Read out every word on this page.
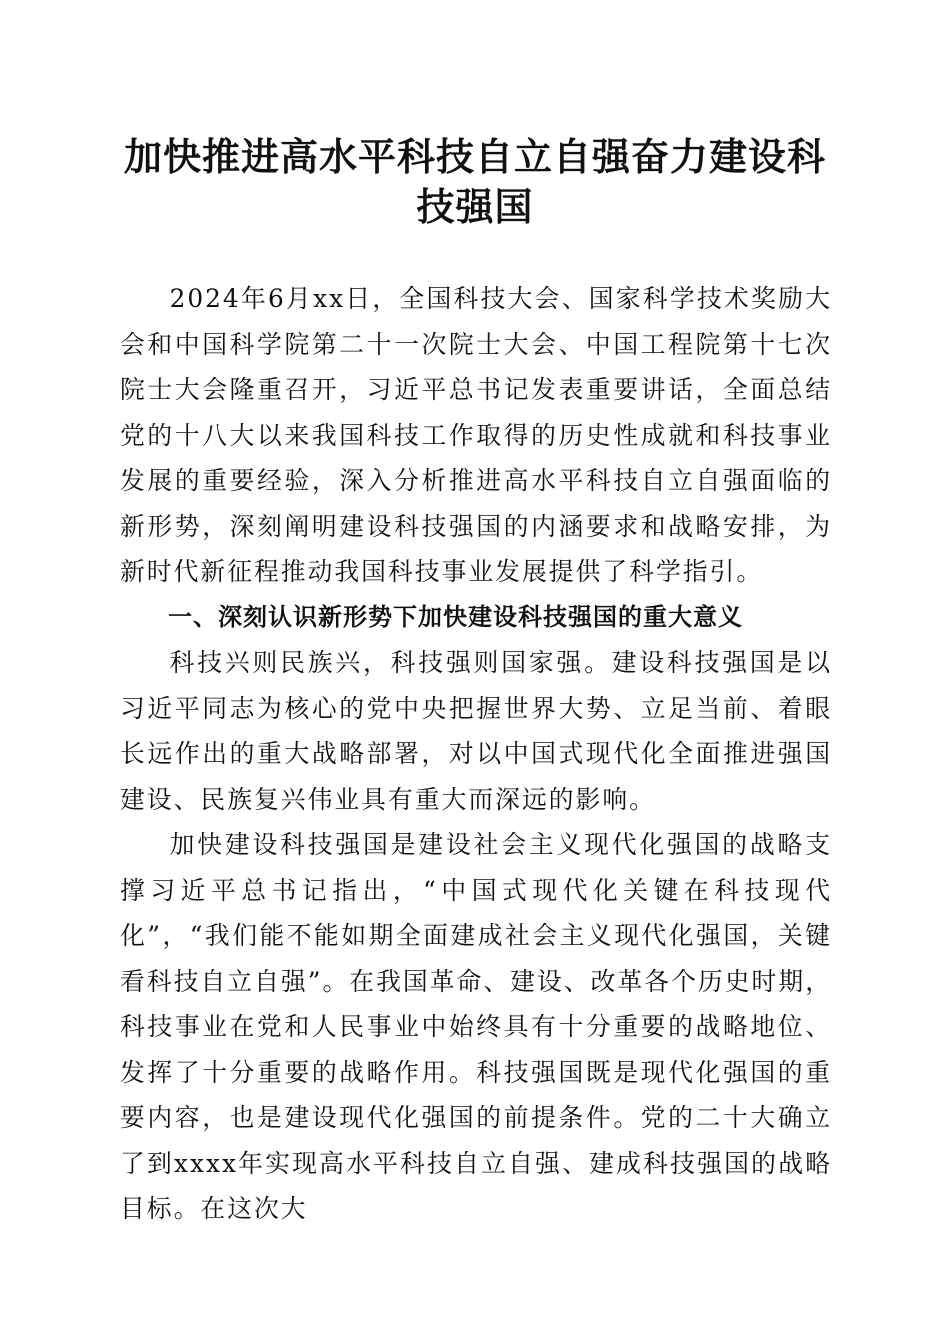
加快推进高水平科技自立自强奋力建设科技强国

2024年6月xx日，全国科技大会、国家科学技术奖励大会和中国科学院第二十一次院士大会、中国工程院第十七次院士大会隆重召开，习近平总书记发表重要讲话，全面总结党的十八大以来我国科技工作取得的历史性成就和科技事业发展的重要经验，深入分析推进高水平科技自立自强面临的新形势，深刻阐明建设科技强国的内涵要求和战略安排，为新时代新征程推动我国科技事业发展提供了科学指引。

一、深刻认识新形势下加快建设科技强国的重大意义

科技兴则民族兴，科技强则国家强。建设科技强国是以习近平同志为核心的党中央把握世界大势、立足当前、着眼长远作出的重大战略部署，对以中国式现代化全面推进强国建设、民族复兴伟业具有重大而深远的影响。

加快建设科技强国是建设社会主义现代化强国的战略支撑习近平总书记指出，“中国式现代化关键在科技现代化”，“我们能不能如期全面建成社会主义现代化强国，关键看科技自立自强”。在我国革命、建设、改革各个历史时期，科技事业在党和人民事业中始终具有十分重要的战略地位、发挥了十分重要的战略作用。科技强国既是现代化强国的重要内容，也是建设现代化强国的前提条件。党的二十大确立了到xxxx年实现高水平科技自立自强、建成科技强国的战略目标。在这次大
